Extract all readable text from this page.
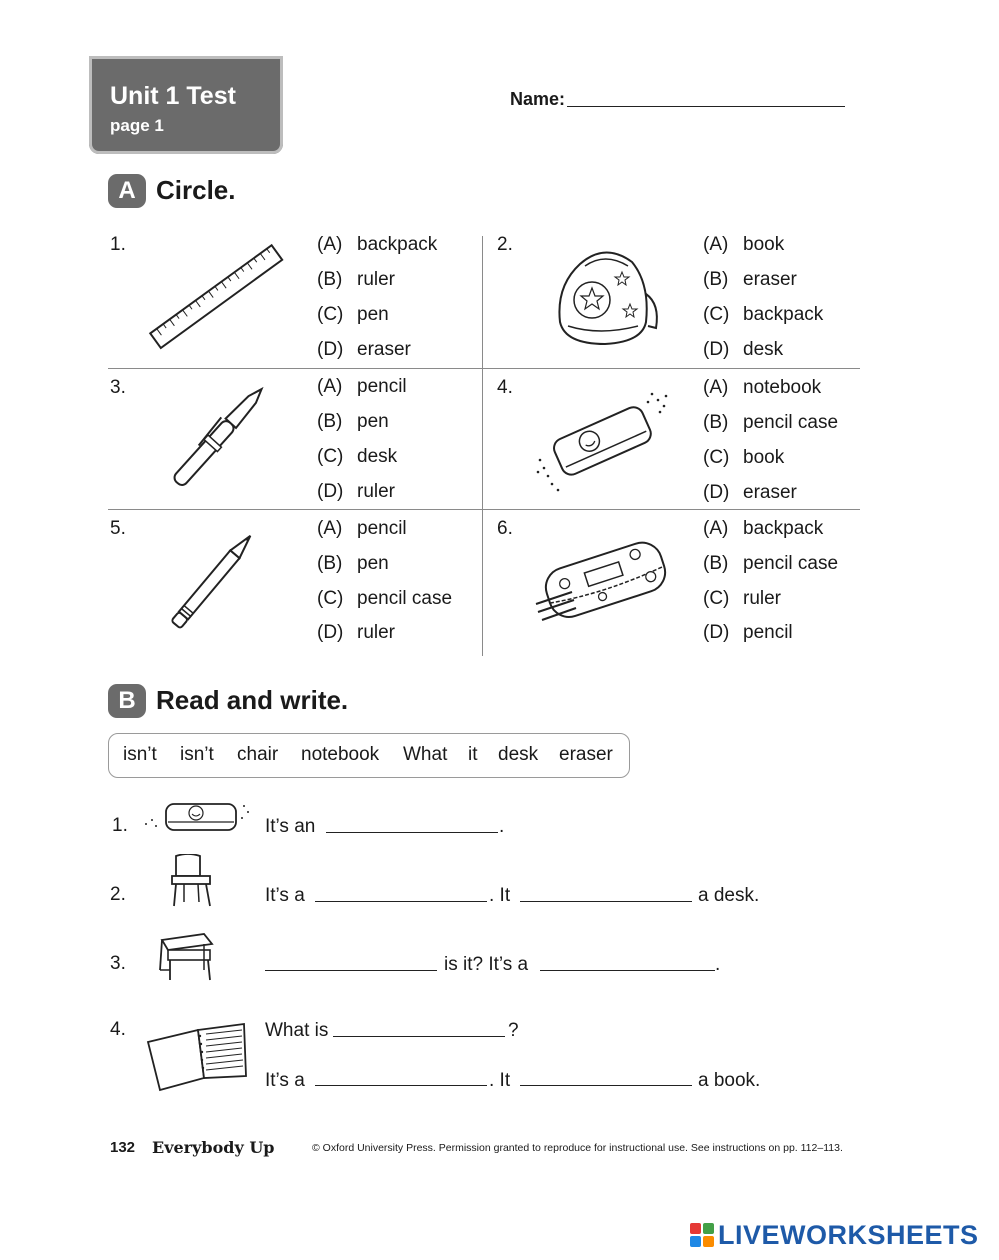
Unit 1 Test
page 1
Name:
A Circle.
1.	(A) backpack
(B) ruler
(C) pen
(D) eraser
2.	(A) book
(B) eraser
(C) backpack
(D) desk
3.	(A) pencil
(B) pen
(C) desk
(D) ruler
4.	(A) notebook
(B) pencil case
(C) book
(D) eraser
5.	(A) pencil
(B) pen
(C) pencil case
(D) ruler
6.	(A) backpack
(B) pencil case
(C) ruler
(D) pencil
B Read and write.
isn’t isn’t chair notebook What it desk eraser
1.	It’s an	.
2.	It’s a	. It	a desk.
3.	is it? It’s a	.
4.	What is	?
It’s a	. It	a book.
132 Everybody Up	© Oxford University Press. Permission granted to reproduce for instructional use. See instructions on pp. 112–113.
LIVEWORKSHEETS
